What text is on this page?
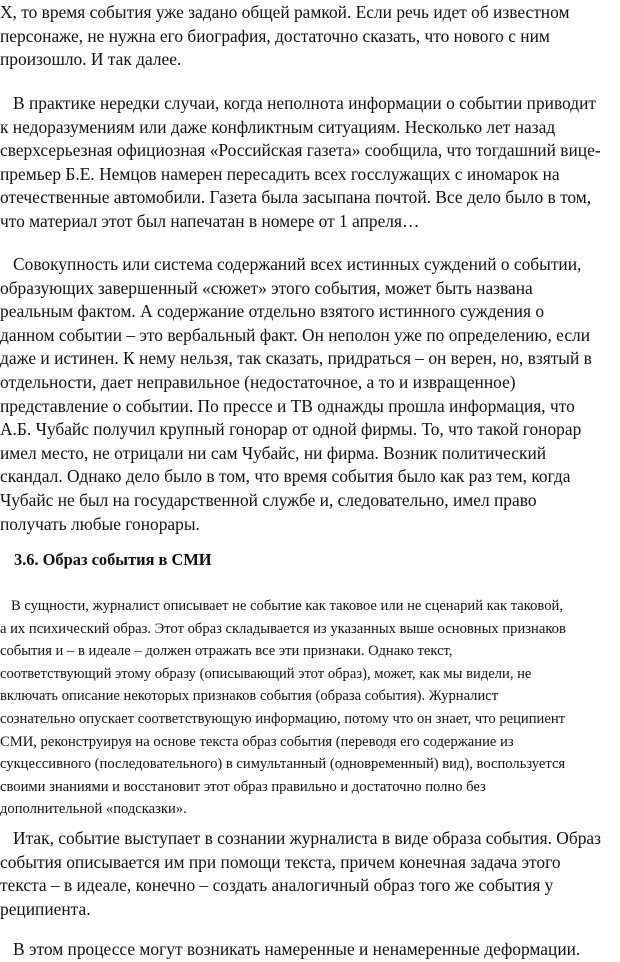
Х, то время события уже задано общей рамкой. Если речь идет об известном
персонаже, не нужна его биография, достаточно сказать, что нового с ним
произошло. И так далее.
В практике нередки случаи, когда неполнота информации о событии приводит
к недоразумениям или даже конфликтным ситуациям. Несколько лет назад
сверхсерьезная официозная «Российская газета» сообщила, что тогдашний вице-
премьер Б.Е. Немцов намерен пересадить всех госслужащих с иномарок на
отечественные автомобили. Газета была засыпана почтой. Все дело было в том,
что материал этот был напечатан в номере от 1 апреля…
Совокупность или система содержаний всех истинных суждений о событии,
образующих завершенный «сюжет» этого события, может быть названа
реальным фактом. А содержание отдельно взятого истинного суждения о
данном событии – это вербальный факт. Он неполон уже по определению, если
даже и истинен. К нему нельзя, так сказать, придраться – он верен, но, взятый в
отдельности, дает неправильное (недостаточное, а то и извращенное)
представление о событии. По прессе и ТВ однажды прошла информация, что
А.Б. Чубайс получил крупный гонорар от одной фирмы. То, что такой гонорар
имел место, не отрицали ни сам Чубайс, ни фирма. Возник политический
скандал. Однако дело было в том, что время события было как раз тем, когда
Чубайс не был на государственной службе и, следовательно, имел право
получать любые гонорары.
3.6. Образ события в СМИ
В сущности, журналист описывает не событие как таковое или не сценарий как таковой,
а их психический образ. Этот образ складывается из указанных выше основных признаков
события и – в идеале – должен отражать все эти признаки. Однако текст,
соответствующий этому образу (описывающий этот образ), может, как мы видели, не
включать описание некоторых признаков события (образа события). Журналист
сознательно опускает соответствующую информацию, потому что он знает, что реципиент
СМИ, реконструируя на основе текста образ события (переводя его содержание из
сукцессивного (последовательного) в симультанный (одновременный) вид), воспользуется
своими знаниями и восстановит этот образ правильно и достаточно полно без
дополнительной «подсказки».
Итак, событие выступает в сознании журналиста в виде образа события. Образ
события описывается им при помощи текста, причем конечная задача этого
текста – в идеале, конечно – создать аналогичный образ того же события у
реципиента.
В этом процессе могут возникать намеренные и ненамеренные деформации.
